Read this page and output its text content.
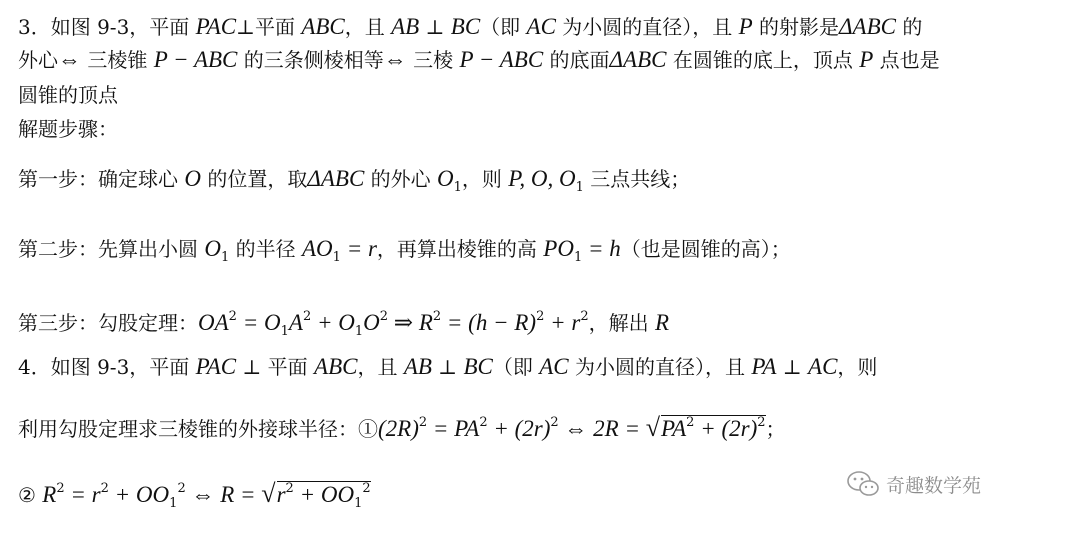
3．如图 9-3，平面 PAC⊥平面 ABC，且 AB ⊥ BC（即 AC 为小圆的直径），且 P 的射影是ΔABC 的
外心⇔ 三棱锥 P − ABC 的三条侧棱相等⇔ 三棱 P − ABC 的底面ΔABC 在圆锥的底上，顶点 P 点也是
圆锥的顶点
解题步骤：
第一步：确定球心 O 的位置，取ΔABC 的外心 $O_1$，则 P, O, $O_1$ 三点共线；
第二步：先算出小圆 $O_1$ 的半径 $AO_1 = r$，再算出棱锥的高 $PO_1 = h$（也是圆锥的高）；
第三步：勾股定理：$OA^2 = O_1A^2 + O_1O^2$ ⇒ $R^2 = (h - R)^2 + r^2$，解出 R
4．如图 9-3，平面 PAC ⊥ 平面 ABC，且 AB ⊥ BC（即 AC 为小圆的直径），且 PA ⊥ AC，则
利用勾股定理求三棱锥的外接球半径：$①(2R)^2 = PA^2 + (2r)^2$ ⇔ $2R = √PA^2 + (2r)^2$；
② $R^2 = r^2 + OO_1^2$ ⇔ $R = √r^2 + OO_1^2$	奇趣数学苑
